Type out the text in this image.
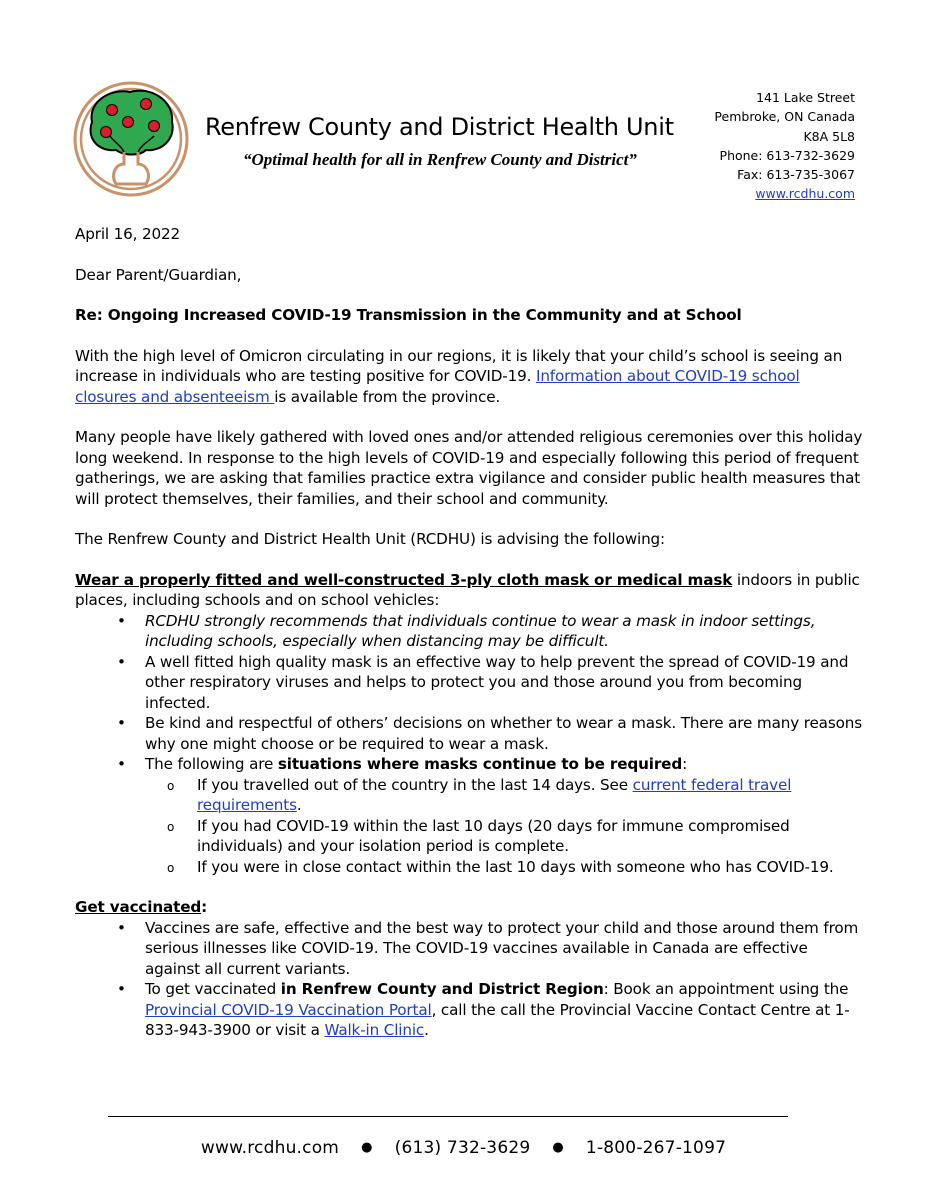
Renfrew County and District Health Unit
“Optimal health for all in Renfrew County and District”
141 Lake Street
Pembroke, ON Canada
K8A 5L8
Phone: 613-732-3629
Fax: 613-735-3067
www.rcdhu.com

April 16, 2022

Dear Parent/Guardian,

Re: Ongoing Increased COVID-19 Transmission in the Community and at School

With the high level of Omicron circulating in our regions, it is likely that your child’s school is seeing an increase in individuals who are testing positive for COVID-19. Information about COVID-19 school closures and absenteeism is available from the province.

Many people have likely gathered with loved ones and/or attended religious ceremonies over this holiday long weekend. In response to the high levels of COVID-19 and especially following this period of frequent gatherings, we are asking that families practice extra vigilance and consider public health measures that will protect themselves, their families, and their school and community.

The Renfrew County and District Health Unit (RCDHU) is advising the following:

Wear a properly fitted and well-constructed 3-ply cloth mask or medical mask indoors in public places, including schools and on school vehicles:

• RCDHU strongly recommends that individuals continue to wear a mask in indoor settings, including schools, especially when distancing may be difficult.
• A well fitted high quality mask is an effective way to help prevent the spread of COVID-19 and other respiratory viruses and helps to protect you and those around you from becoming infected.
• Be kind and respectful of others’ decisions on whether to wear a mask. There are many reasons why one might choose or be required to wear a mask.
• The following are situations where masks continue to be required:
o If you travelled out of the country in the last 14 days. See current federal travel requirements.
o If you had COVID-19 within the last 10 days (20 days for immune compromised individuals) and your isolation period is complete.
o If you were in close contact within the last 10 days with someone who has COVID-19.

Get vaccinated:

• Vaccines are safe, effective and the best way to protect your child and those around them from serious illnesses like COVID-19. The COVID-19 vaccines available in Canada are effective against all current variants.
• To get vaccinated in Renfrew County and District Region: Book an appointment using the Provincial COVID-19 Vaccination Portal, call the call the Provincial Vaccine Contact Centre at 1-833-943-3900 or visit a Walk-in Clinic.
www.rcdhu.com ● (613) 732-3629 ● 1-800-267-1097
